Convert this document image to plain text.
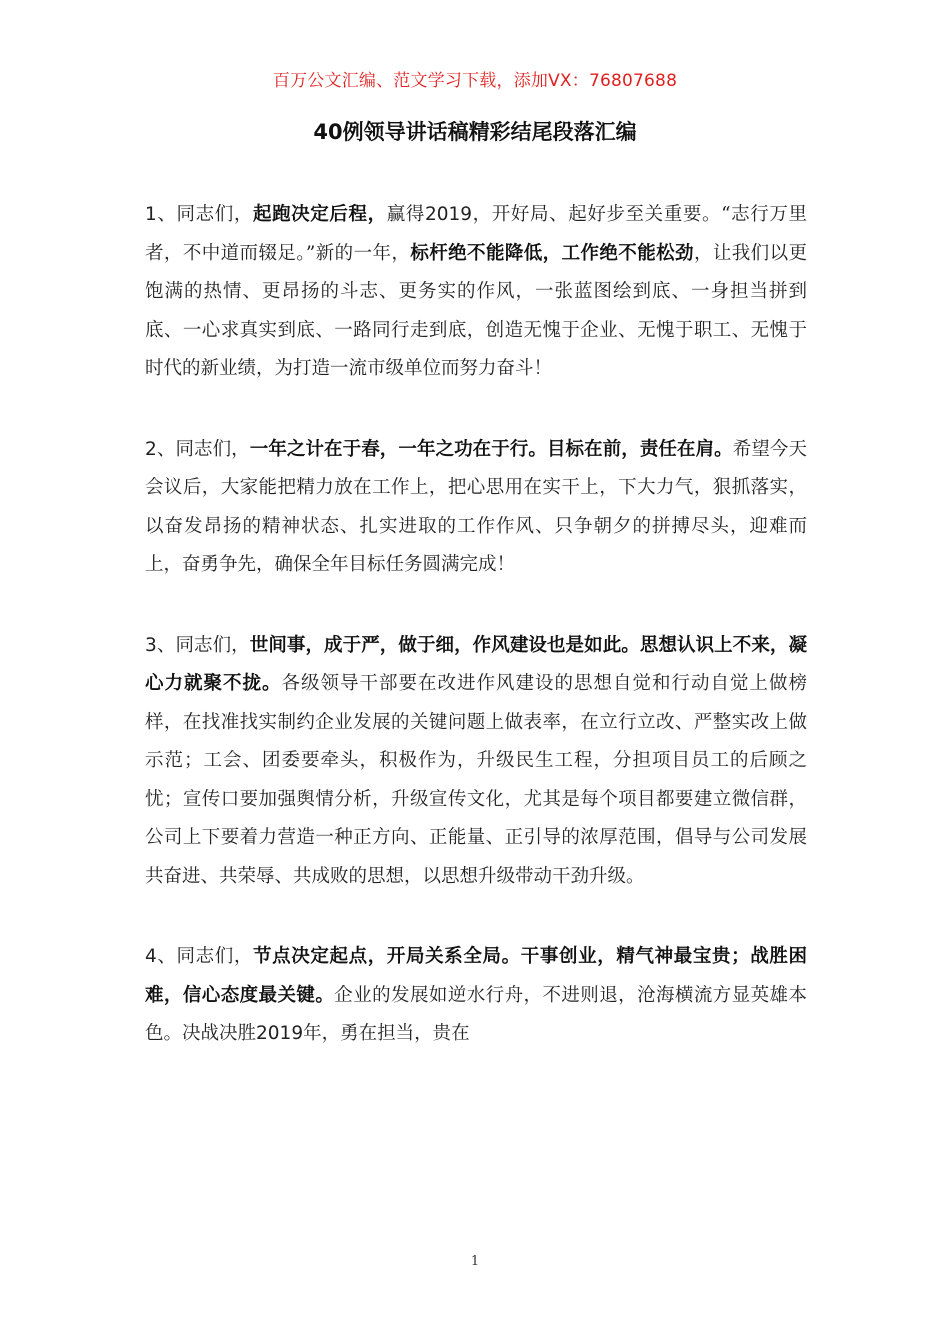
百万公文汇编、范文学习下载，添加VX：76807688
40例领导讲话稿精彩结尾段落汇编

1、同志们，起跑决定后程，赢得2019，开好局、起好步至关重要。“志行万里者，不中道而辍足。”新的一年，标杆绝不能降低，工作绝不能松劲，让我们以更饱满的热情、更昂扬的斗志、更务实的作风，一张蓝图绘到底、一身担当拼到底、一心求真实到底、一路同行走到底，创造无愧于企业、无愧于职工、无愧于时代的新业绩，为打造一流市级单位而努力奋斗！

2、同志们，一年之计在于春，一年之功在于行。目标在前，责任在肩。希望今天会议后，大家能把精力放在工作上，把心思用在实干上，下大力气，狠抓落实，以奋发昂扬的精神状态、扎实进取的工作作风、只争朝夕的拼搏尽头，迎难而上，奋勇争先，确保全年目标任务圆满完成！

3、同志们，世间事，成于严，做于细，作风建设也是如此。思想认识上不来，凝心力就聚不拢。各级领导干部要在改进作风建设的思想自觉和行动自觉上做榜样，在找准找实制约企业发展的关键问题上做表率，在立行立改、严整实改上做示范；工会、团委要牵头，积极作为，升级民生工程，分担项目员工的后顾之忧；宣传口要加强舆情分析，升级宣传文化，尤其是每个项目都要建立微信群，公司上下要着力营造一种正方向、正能量、正引导的浓厚范围，倡导与公司发展共奋进、共荣辱、共成败的思想，以思想升级带动干劲升级。

4、同志们，节点决定起点，开局关系全局。干事创业，精气神最宝贵；战胜困难，信心态度最关键。企业的发展如逆水行舟，不进则退，沧海横流方显英雄本色。决战决胜2019年，勇在担当，贵在

1
